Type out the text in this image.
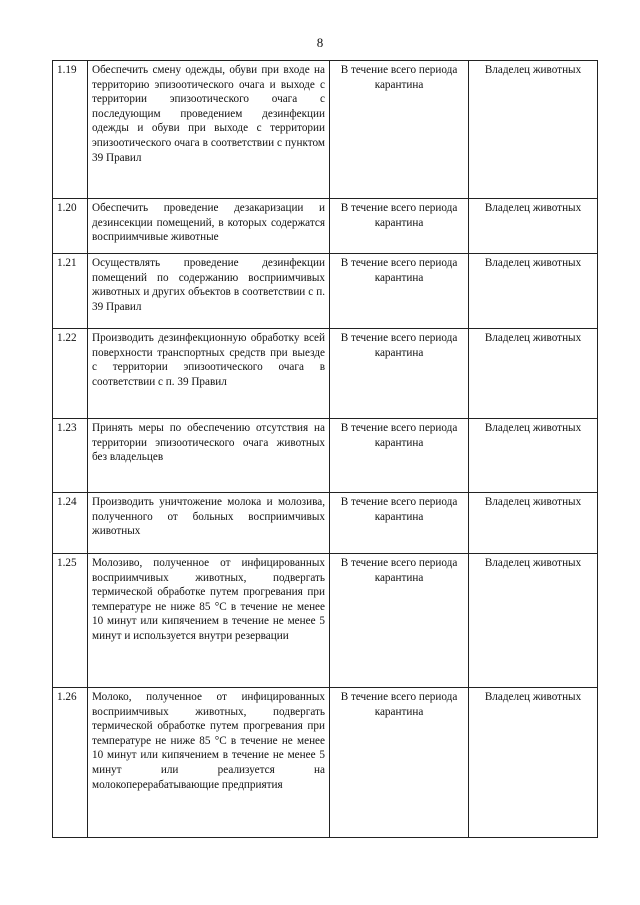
8
1.19	Обеспечить смену одежды, обуви при входе на территорию эпизоотического очага и выходе с территории эпизоотического очага с последующим проведением дезинфекции одежды и обуви при выходе с территории эпизоотического очага в соответствии с пунктом 39 Правил	В течение всего периода карантина	Владелец животных
1.20	Обеспечить проведение дезакаризации и дезинсекции помещений, в которых содержатся восприимчивые животные	В течение всего периода карантина	Владелец животных
1.21	Осуществлять проведение дезинфекции помещений по содержанию восприимчивых животных и других объектов в соответствии с п. 39 Правил	В течение всего периода карантина	Владелец животных
1.22	Производить дезинфекционную обработку всей поверхности транспортных средств при выезде с территории эпизоотического очага в соответствии с п. 39 Правил	В течение всего периода карантина	Владелец животных
1.23	Принять меры по обеспечению отсутствия на территории эпизоотического очага животных без владельцев	В течение всего периода карантина	Владелец животных
1.24	Производить уничтожение молока и молозива, полученного от больных восприимчивых животных	В течение всего периода карантина	Владелец животных
1.25	Молозиво, полученное от инфицированных восприимчивых животных, подвергать термической обработке путем прогревания при температуре не ниже 85 °C в течение не менее 10 минут или кипячением в течение не менее 5 минут и используется внутри резервации	В течение всего периода карантина	Владелец животных
1.26	Молоко, полученное от инфицированных восприимчивых животных, подвергать термической обработке путем прогревания при температуре не ниже 85 °C в течение не менее 10 минут или кипячением в течение не менее 5 минут или реализуется на молокоперерабатывающие предприятия	В течение всего периода карантина	Владелец животных
